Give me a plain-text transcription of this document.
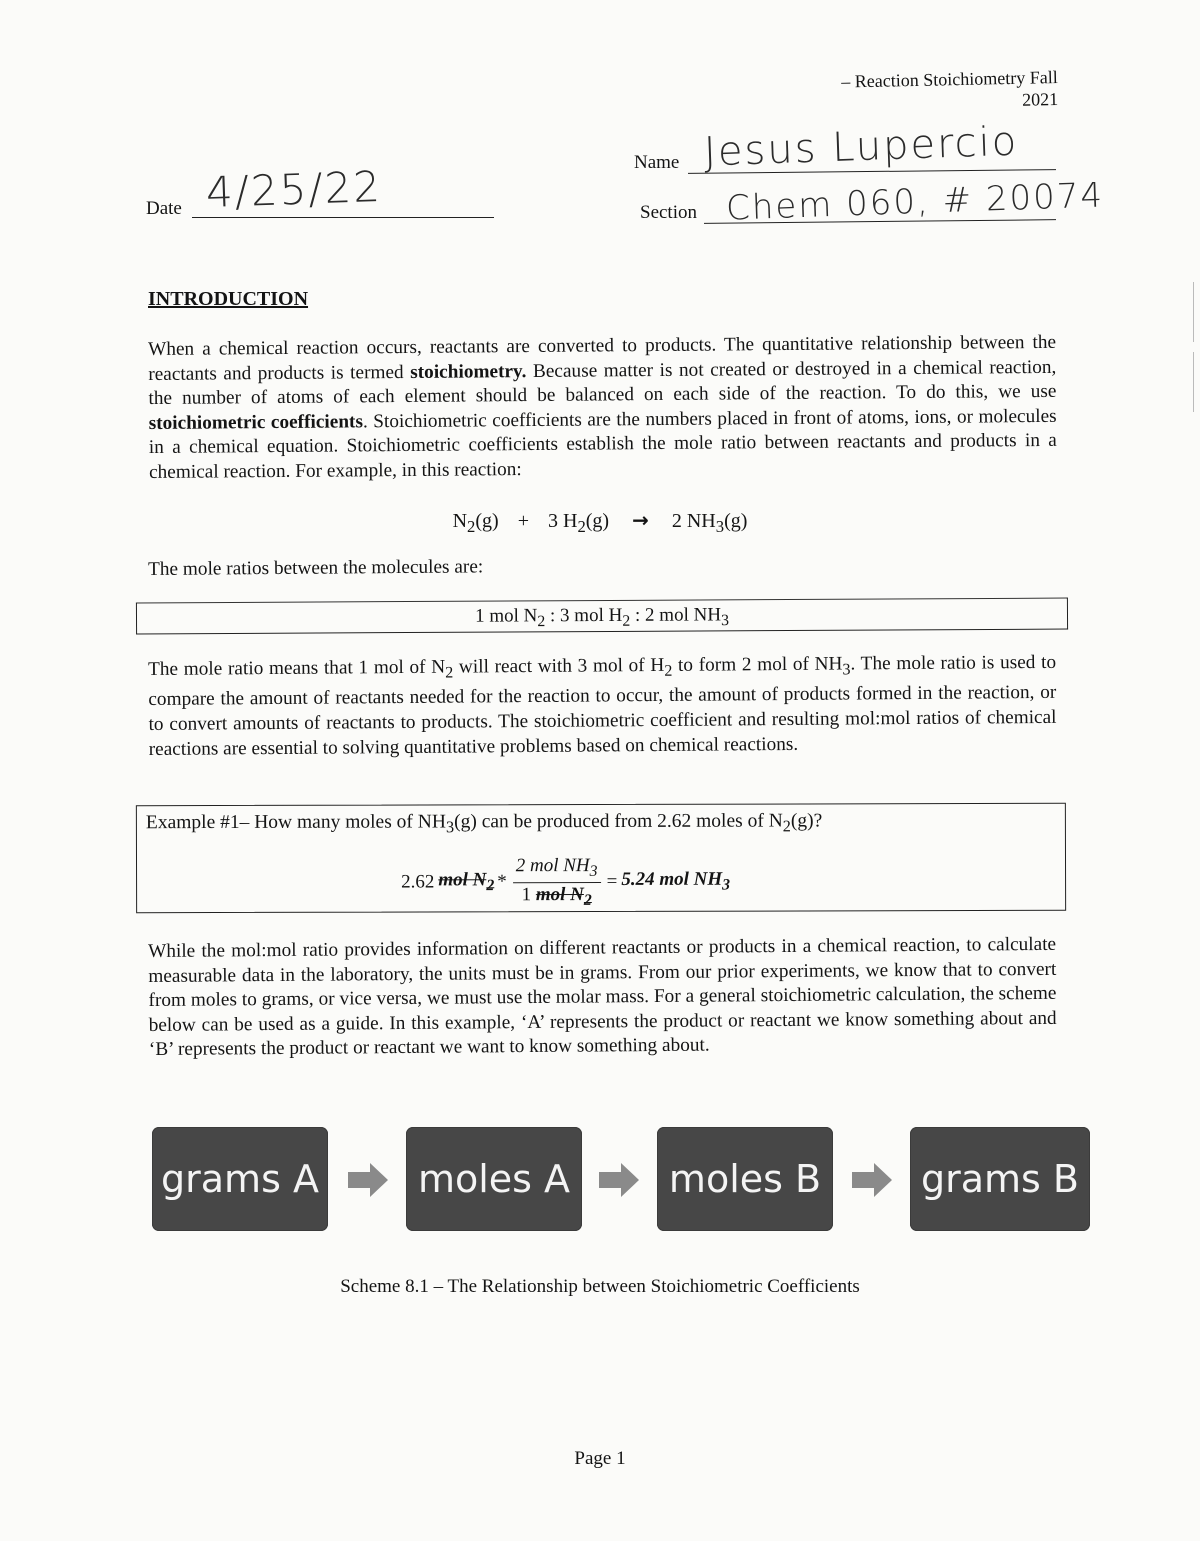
– Reaction Stoichiometry Fall
2021
Date 4/25/22	Name Jesus Lupercio
Section Chem 060, # 20074
INTRODUCTION
When a chemical reaction occurs, reactants are converted to products. The quantitative relationship between the reactants and products is termed stoichiometry. Because matter is not created or destroyed in a chemical reaction, the number of atoms of each element should be balanced on each side of the reaction. To do this, we use stoichiometric coefficients. Stoichiometric coefficients are the numbers placed in front of atoms, ions, or molecules in a chemical equation. Stoichiometric coefficients establish the mole ratio between reactants and products in a chemical reaction. For example, in this reaction:
$N_2(g) + 3$ $H_2(g) \to 2$ $NH_3(g)$
The mole ratios between the molecules are:
1 mol $N_2$ : 3 mol $H_2$ : 2 mol $NH_3$
The mole ratio means that 1 mol of $N_2$ will react with 3 mol of $H_2$ to form 2 mol of $NH_3$. The mole ratio is used to compare the amount of reactants needed for the reaction to occur, the amount of products formed in the reaction, or to convert amounts of reactants to products. The stoichiometric coefficient and resulting mol:mol ratios of chemical reactions are essential to solving quantitative problems based on chemical reactions.
Example #1– How many moles of $NH_3(g)$ can be produced from 2.62 moles of $N_2(g)$?
2.62 mol $N_2 * \frac{2 mol NH_3}{1 mol N_2} = 5.24$ mol $NH_3$
While the mol:mol ratio provides information on different reactants or products in a chemical reaction, to calculate measurable data in the laboratory, the units must be in grams. From our prior experiments, we know that to convert from moles to grams, or vice versa, we must use the molar mass. For a general stoichiometric calculation, the scheme below can be used as a guide. In this example, ‘A’ represents the product or reactant we know something about and ‘B’ represents the product or reactant we want to know something about.
grams A	moles A	moles B	grams B
Scheme 8.1 – The Relationship between Stoichiometric Coefficients
Page 1
